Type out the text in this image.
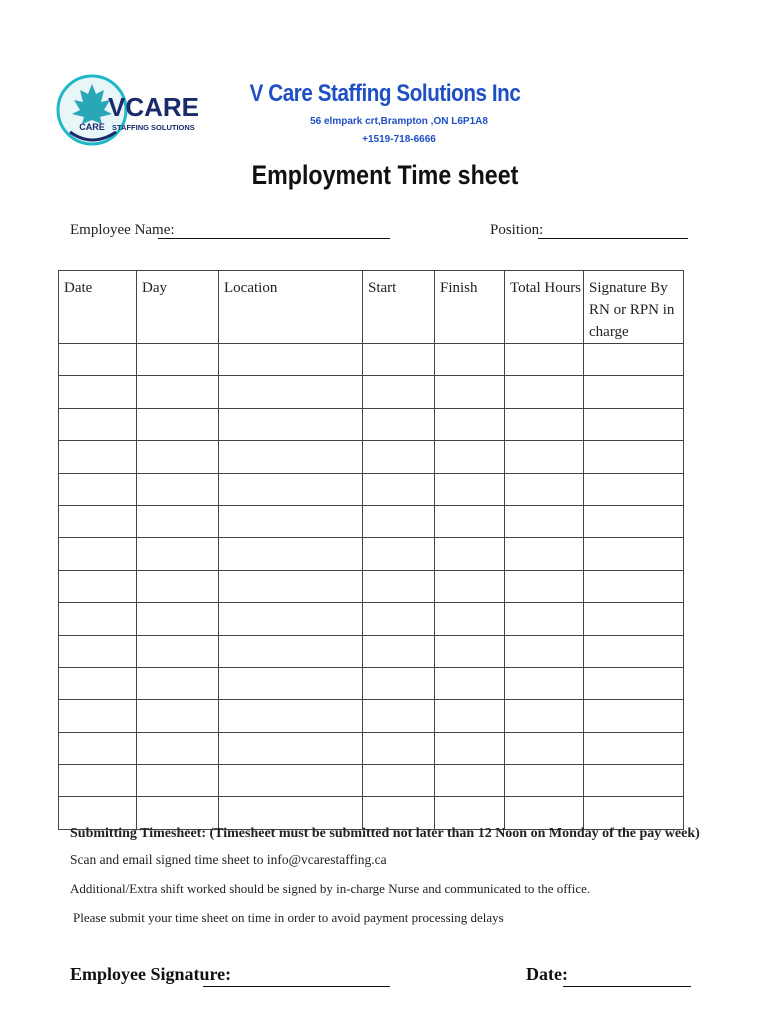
CARE
VCARE
STAFFING SOLUTIONS
V Care Staffing Solutions Inc
56 elmpark crt,Brampton ,ON L6P1A8
+1519-718-6666
Employment Time sheet
Employee Name:	Position:
Date	Day	Location	Start	Finish	Total Hours	Signature By RN or RPN in charge

Submitting Timesheet: (Timesheet must be submitted not later than 12 Noon on Monday of the pay week)
Scan and email signed time sheet to info@vcarestaffing.ca
Additional/Extra shift worked should be signed by in-charge Nurse and communicated to the office.
Please submit your time sheet on time in order to avoid payment processing delays
Employee Signature:	Date:
